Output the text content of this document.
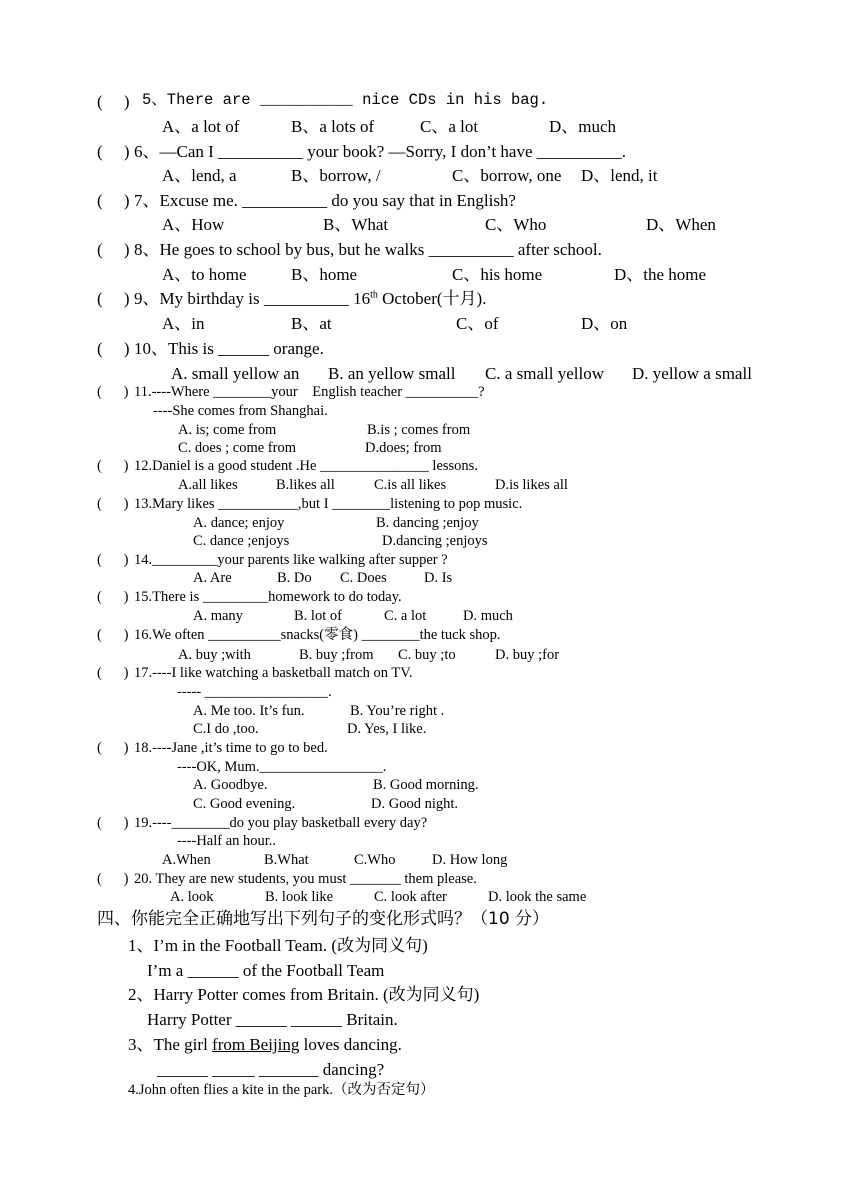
(     ) 5、There are __________ nice CDs in his bag.
A、a lot of	B、a lots of	C、a lot	D、much
(     ) 6、—Can I __________ your book? —Sorry, I don’t have __________.
A、lend, a	B、borrow, /	C、borrow, one D、lend, it
(     ) 7、Excuse me. __________ do you say that in English?
A、How	B、What	C、Who	D、When
(     ) 8、He goes to school by bus, but he walks __________ after school.
A、to home	B、home	C、his home	D、the home
(     ) 9、My birthday is __________ 16th October(十月).
A、in	B、at	C、of	D、on
(     ) 10、This is ______ orange.
A. small yellow an B. an yellow small C. a small yellow D. yellow a small
(      ) 11.----Where ________your    English teacher __________?
----She comes from Shanghai.
A. is; come from	B.is ; comes from
C. does ; come from	D.does; from
(      ) 12.Daniel is a good student .He _______________ lessons.
A.all likes	B.likes all	C.is all likes	D.is likes all
(      ) 13.Mary likes ___________,but I ________listening to pop music.
A. dance; enjoy	B. dancing ;enjoy
C. dance ;enjoys	D.dancing ;enjoys
(      ) 14._________your parents like walking after supper ?
A. Are	B. Do C. Does	D. Is
(      ) 15.There is _________homework to do today.
A. many	B. lot of	C. a lot	D. much
(      ) 16.We often __________snacks(零食) ________the tuck shop.
A. buy ;with	B. buy ;from C. buy ;to	D. buy ;for
(      ) 17.----I like watching a basketball match on TV.
----- _________________.
A. Me too. It’s fun.	B. You’re right .
C.I do ,too.	D. Yes, I like.
(      ) 18.----Jane ,it’s time to go to bed.
----OK, Mum._________________.
A. Goodbye.	B. Good morning.
C. Good evening.	D. Good night.
(      ) 19.----________do you play basketball every day?
----Half an hour..
A.When	B.What	C.Who	D. How long
(      ) 20. They are new students, you must _______ them please.
A. look	B. look like	C. look after	D. look the same
四、你能完全正确地写出下列句子的变化形式吗？（10 分）
1、I’m in the Football Team. (改为同义句)
I’m a ______ of the Football Team
2、Harry Potter comes from Britain. (改为同义句)
Harry Potter ______ ______ Britain.
3、The girl from Beijing loves dancing.
______ _____ _______ dancing?
4.John often flies a kite in the park.（改为否定句）
